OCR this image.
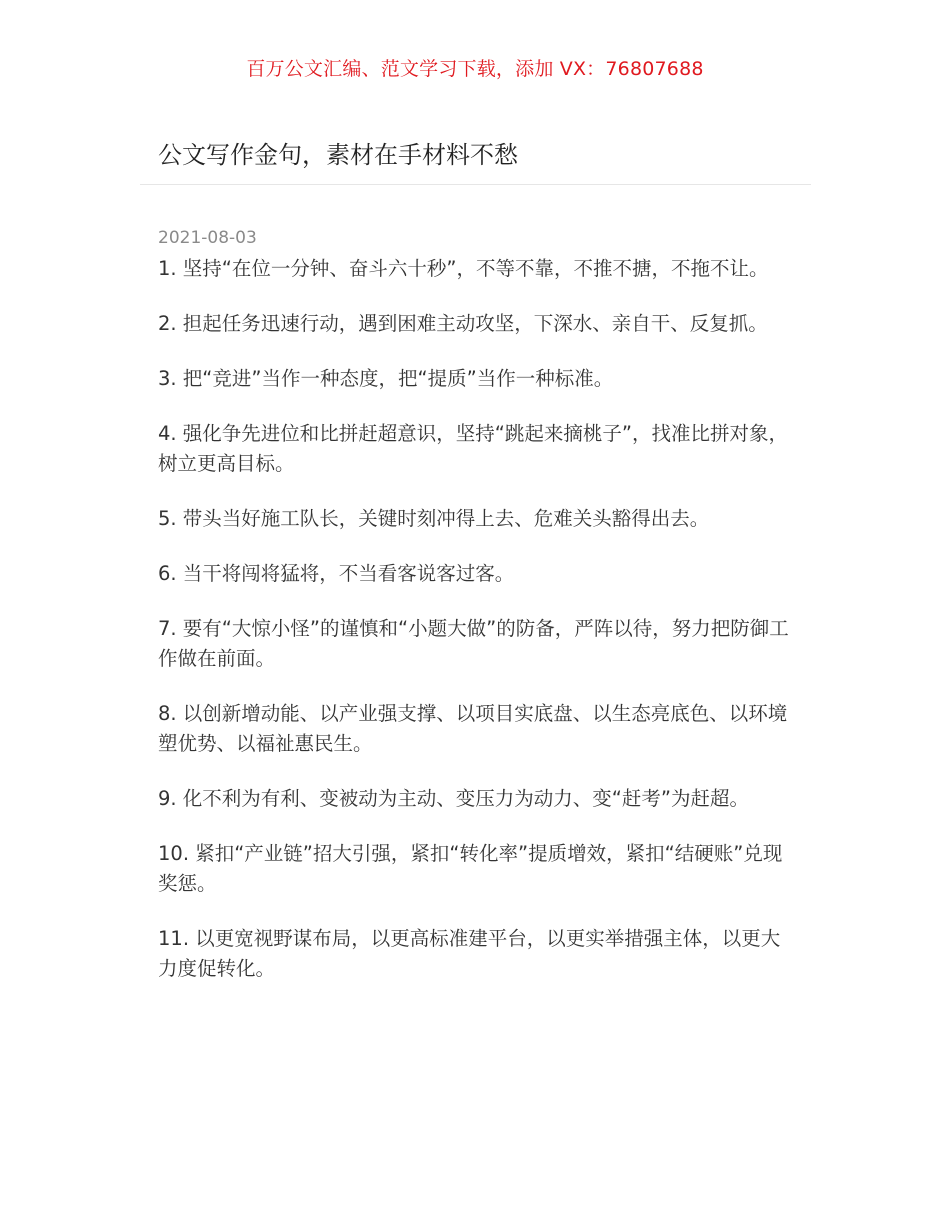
百万公文汇编、范文学习下载，添加 VX：76807688
公文写作金句，素材在手材料不愁
2021-08-03
1. 坚持“在位一分钟、奋斗六十秒”，不等不靠，不推不搪，不拖不让。
2. 担起任务迅速行动，遇到困难主动攻坚，下深水、亲自干、反复抓。
3. 把“竞进”当作一种态度，把“提质”当作一种标准。
4. 强化争先进位和比拼赶超意识，坚持“跳起来摘桃子”，找准比拼对象，树立更高目标。
5. 带头当好施工队长，关键时刻冲得上去、危难关头豁得出去。
6. 当干将闯将猛将，不当看客说客过客。
7. 要有“大惊小怪”的谨慎和“小题大做”的防备，严阵以待，努力把防御工作做在前面。
8. 以创新增动能、以产业强支撑、以项目实底盘、以生态亮底色、以环境塑优势、以福祉惠民生。
9. 化不利为有利、变被动为主动、变压力为动力、变“赶考”为赶超。
10. 紧扣“产业链”招大引强，紧扣“转化率”提质增效，紧扣“结硬账”兑现奖惩。
11. 以更宽视野谋布局，以更高标准建平台，以更实举措强主体，以更大力度促转化。
